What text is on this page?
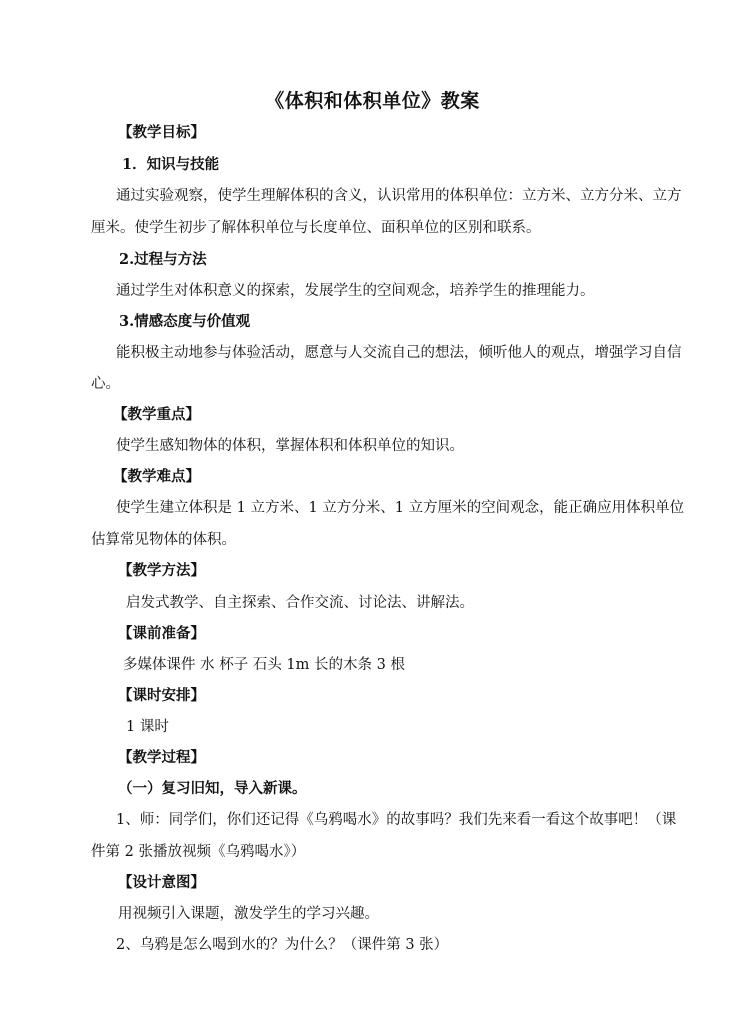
《体积和体积单位》教案
【教学目标】
1．知识与技能
通过实验观察，使学生理解体积的含义，认识常用的体积单位：立方米、立方分米、立方
厘米。使学生初步了解体积单位与长度单位、面积单位的区别和联系。
2.过程与方法
通过学生对体积意义的探索，发展学生的空间观念，培养学生的推理能力。
3.情感态度与价值观
能积极主动地参与体验活动，愿意与人交流自己的想法，倾听他人的观点，增强学习自信
心。
【教学重点】
使学生感知物体的体积，掌握体积和体积单位的知识。
【教学难点】
使学生建立体积是 1 立方米、1 立方分米、1 立方厘米的空间观念，能正确应用体积单位
估算常见物体的体积。
【教学方法】
启发式教学、自主探索、合作交流、讨论法、讲解法。
【课前准备】
多媒体课件 水 杯子 石头 1m 长的木条 3 根
【课时安排】
1 课时
【教学过程】
（一）复习旧知，导入新课。
1、师：同学们，你们还记得《乌鸦喝水》的故事吗？我们先来看一看这个故事吧！（课
件第 2 张播放视频《乌鸦喝水》）
【设计意图】
用视频引入课题，激发学生的学习兴趣。
2、乌鸦是怎么喝到水的？为什么？（课件第 3 张）
